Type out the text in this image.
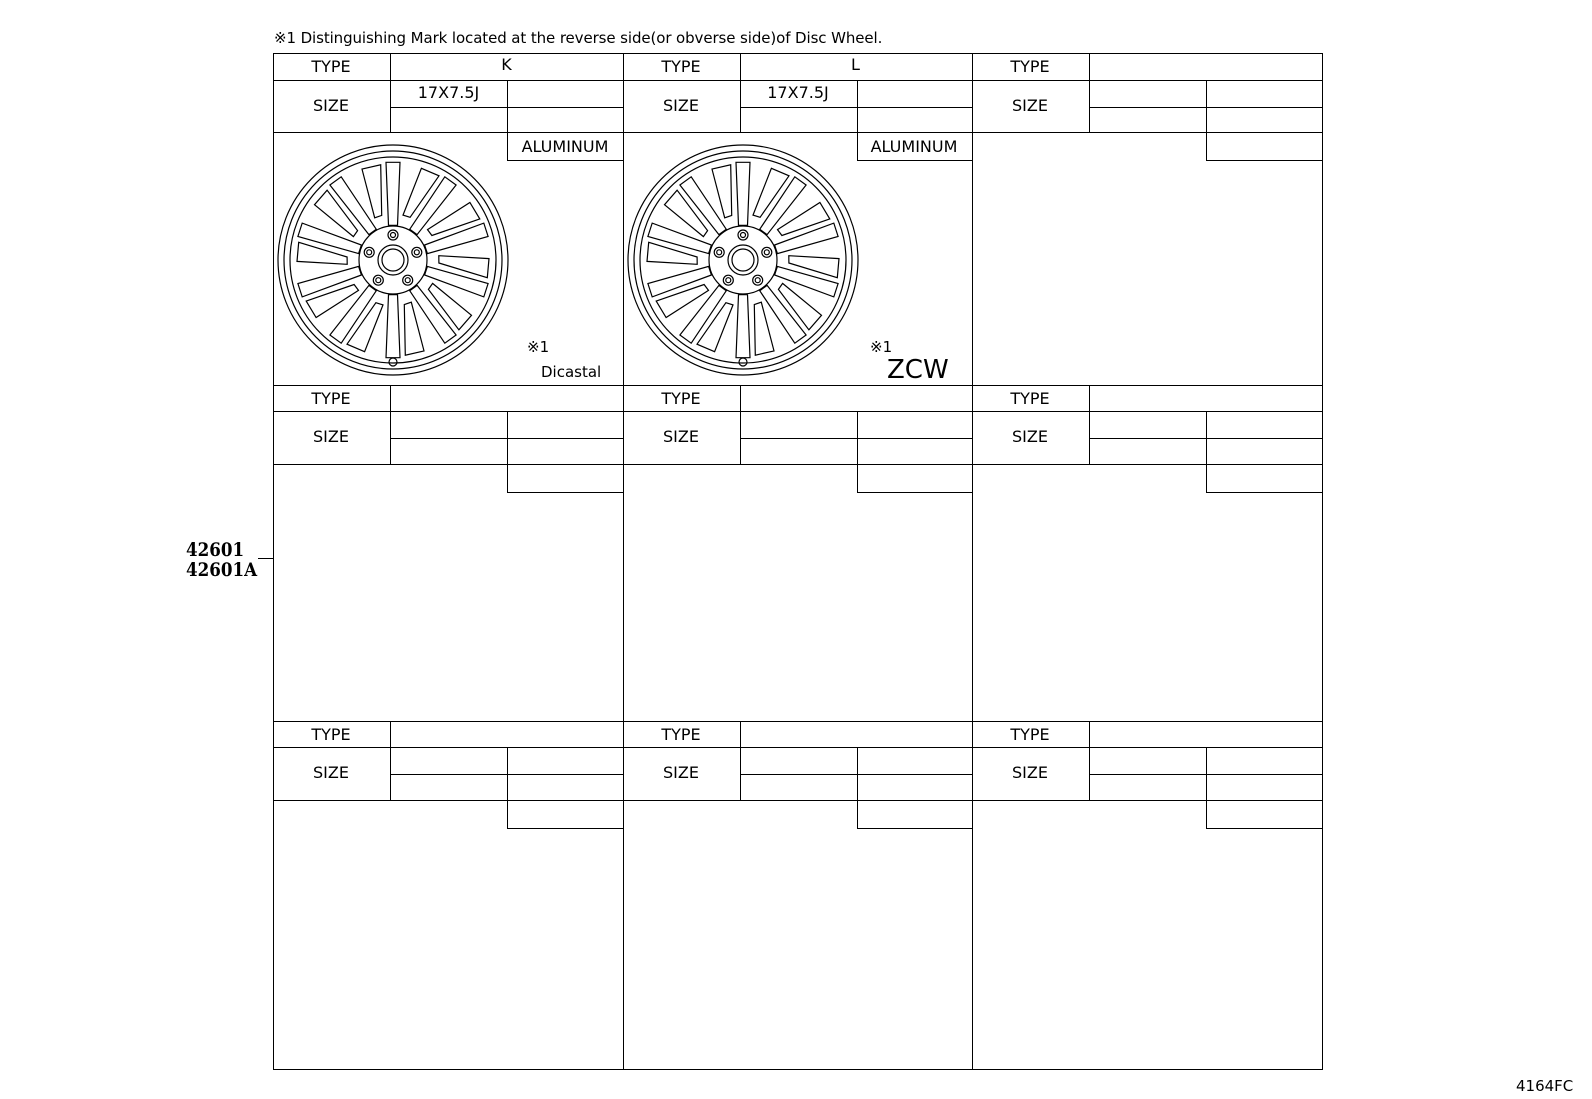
※1 Distinguishing Mark located at the reverse side(or obverse side)of Disc Wheel.
42601
42601A
TYPE
SIZE
TYPE
SIZE
TYPE
SIZE
TYPE
SIZE
TYPE
SIZE
TYPE
SIZE
TYPE
SIZE
TYPE
SIZE
TYPE
SIZE
K
17X7.5J
ALUMINUM
※1
Dicastal
L
17X7.5J
ALUMINUM
※1
ZCW
4164FC
